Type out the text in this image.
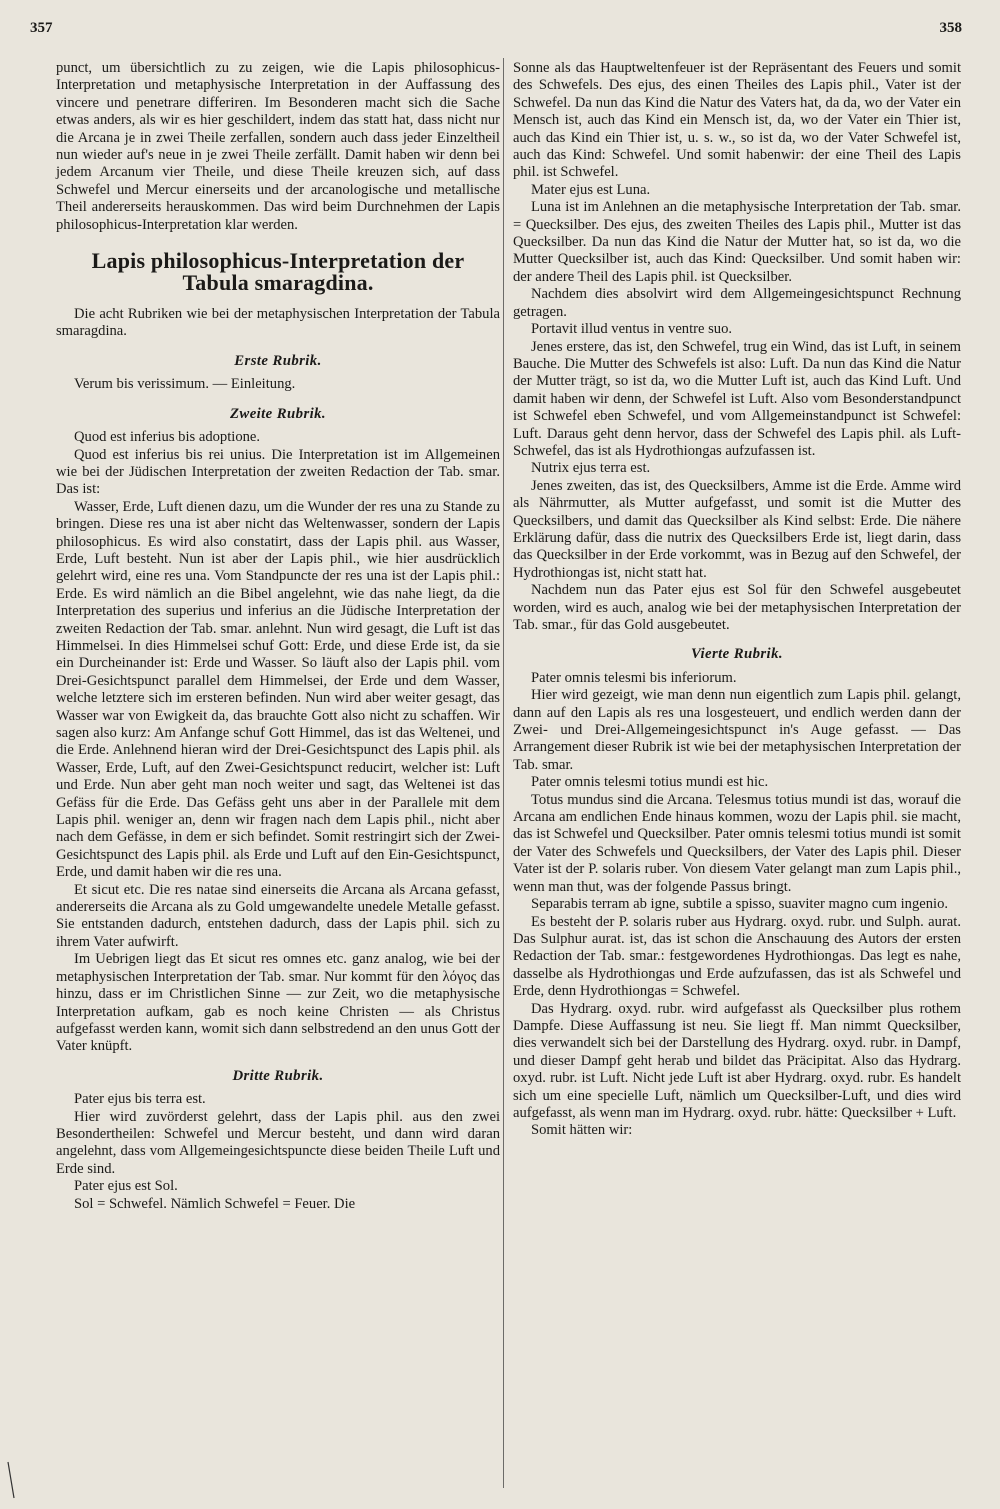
357	358

punct, um übersichtlich zu zu zeigen, wie die Lapis philosophicus-Interpretation und metaphysische Interpretation in der Auffassung des vincere und penetrare differiren. Im Besonderen macht sich die Sache etwas anders, als wir es hier geschildert, indem das statt hat, dass nicht nur die Arcana je in zwei Theile zerfallen, sondern auch dass jeder Einzeltheil nun wieder auf's neue in je zwei Theile zerfällt. Damit haben wir denn bei jedem Arcanum vier Theile, und diese Theile kreuzen sich, auf dass Schwefel und Mercur einerseits und der arcanologische und metallische Theil andererseits herauskommen. Das wird beim Durchnehmen der Lapis philosophicus-Interpretation klar werden.

Lapis philosophicus-Interpretation der Tabula smaragdina.

Die acht Rubriken wie bei der metaphysischen Interpretation der Tabula smaragdina.

Erste Rubrik.

Verum bis verissimum. — Einleitung.

Zweite Rubrik.

Quod est inferius bis adoptione.

Quod est inferius bis rei unius. Die Interpretation ist im Allgemeinen wie bei der Jüdischen Interpretation der zweiten Redaction der Tab. smar. Das ist:

Wasser, Erde, Luft dienen dazu, um die Wunder der res una zu Stande zu bringen. Diese res una ist aber nicht das Weltenwasser, sondern der Lapis philosophicus. Es wird also constatirt, dass der Lapis phil. aus Wasser, Erde, Luft besteht. Nun ist aber der Lapis phil., wie hier ausdrücklich gelehrt wird, eine res una. Vom Standpuncte der res una ist der Lapis phil.: Erde. Es wird nämlich an die Bibel angelehnt, wie das nahe liegt, da die Interpretation des superius und inferius an die Jüdische Interpretation der zweiten Redaction der Tab. smar. anlehnt. Nun wird gesagt, die Luft ist das Himmelsei. In dies Himmelsei schuf Gott: Erde, und diese Erde ist, da sie ein Durcheinander ist: Erde und Wasser. So läuft also der Lapis phil. vom Drei-Gesichtspunct parallel dem Himmelsei, der Erde und dem Wasser, welche letztere sich im ersteren befinden. Nun wird aber weiter gesagt, das Wasser war von Ewigkeit da, das brauchte Gott also nicht zu schaffen. Wir sagen also kurz: Am Anfange schuf Gott Himmel, das ist das Weltenei, und die Erde. Anlehnend hieran wird der Drei-Gesichtspunct des Lapis phil. als Wasser, Erde, Luft, auf den Zwei-Gesichtspunct reducirt, welcher ist: Luft und Erde. Nun aber geht man noch weiter und sagt, das Weltenei ist das Gefäss für die Erde. Das Gefäss geht uns aber in der Parallele mit dem Lapis phil. weniger an, denn wir fragen nach dem Lapis phil., nicht aber nach dem Gefässe, in dem er sich befindet. Somit restringirt sich der Zwei-Gesichtspunct des Lapis phil. als Erde und Luft auf den Ein-Gesichtspunct, Erde, und damit haben wir die res una.

Et sicut etc. Die res natae sind einerseits die Arcana als Arcana gefasst, andererseits die Arcana als zu Gold umgewandelte unedele Metalle gefasst. Sie entstanden dadurch, entstehen dadurch, dass der Lapis phil. sich zu ihrem Vater aufwirft.

Im Uebrigen liegt das Et sicut res omnes etc. ganz analog, wie bei der metaphysischen Interpretation der Tab. smar. Nur kommt für den λόγος das hinzu, dass er im Christlichen Sinne — zur Zeit, wo die metaphysische Interpretation aufkam, gab es noch keine Christen — als Christus aufgefasst werden kann, womit sich dann selbstredend an den unus Gott der Vater knüpft.

Dritte Rubrik.

Pater ejus bis terra est.

Hier wird zuvörderst gelehrt, dass der Lapis phil. aus den zwei Besondertheilen: Schwefel und Mercur besteht, und dann wird daran angelehnt, dass vom Allgemeingesichtspuncte diese beiden Theile Luft und Erde sind.

Pater ejus est Sol.

Sol = Schwefel. Nämlich Schwefel = Feuer. Die

Sonne als das Hauptweltenfeuer ist der Repräsentant des Feuers und somit des Schwefels. Des ejus, des einen Theiles des Lapis phil., Vater ist der Schwefel. Da nun das Kind die Natur des Vaters hat, da da, wo der Vater ein Mensch ist, auch das Kind ein Mensch ist, da, wo der Vater ein Thier ist, auch das Kind ein Thier ist, u. s. w., so ist da, wo der Vater Schwefel ist, auch das Kind: Schwefel. Und somit habenwir: der eine Theil des Lapis phil. ist Schwefel.

Mater ejus est Luna.

Luna ist im Anlehnen an die metaphysische Interpretation der Tab. smar. = Quecksilber. Des ejus, des zweiten Theiles des Lapis phil., Mutter ist das Quecksilber. Da nun das Kind die Natur der Mutter hat, so ist da, wo die Mutter Quecksilber ist, auch das Kind: Quecksilber. Und somit haben wir: der andere Theil des Lapis phil. ist Quecksilber.

Nachdem dies absolvirt wird dem Allgemeingesichtspunct Rechnung getragen.

Portavit illud ventus in ventre suo.

Jenes erstere, das ist, den Schwefel, trug ein Wind, das ist Luft, in seinem Bauche. Die Mutter des Schwefels ist also: Luft. Da nun das Kind die Natur der Mutter trägt, so ist da, wo die Mutter Luft ist, auch das Kind Luft. Und damit haben wir denn, der Schwefel ist Luft. Also vom Besonderstandpunct ist Schwefel eben Schwefel, und vom Allgemeinstandpunct ist Schwefel: Luft. Daraus geht denn hervor, dass der Schwefel des Lapis phil. als Luft-Schwefel, das ist als Hydrothiongas aufzufassen ist.

Nutrix ejus terra est.

Jenes zweiten, das ist, des Quecksilbers, Amme ist die Erde. Amme wird als Nährmutter, als Mutter aufgefasst, und somit ist die Mutter des Quecksilbers, und damit das Quecksilber als Kind selbst: Erde. Die nähere Erklärung dafür, dass die nutrix des Quecksilbers Erde ist, liegt darin, dass das Quecksilber in der Erde vorkommt, was in Bezug auf den Schwefel, der Hydrothiongas ist, nicht statt hat.

Nachdem nun das Pater ejus est Sol für den Schwefel ausgebeutet worden, wird es auch, analog wie bei der metaphysischen Interpretation der Tab. smar., für das Gold ausgebeutet.

Vierte Rubrik.

Pater omnis telesmi bis inferiorum.

Hier wird gezeigt, wie man denn nun eigentlich zum Lapis phil. gelangt, dann auf den Lapis als res una losgesteuert, und endlich werden dann der Zwei- und Drei-Allgemeingesichtspunct in's Auge gefasst. — Das Arrangement dieser Rubrik ist wie bei der metaphysischen Interpretation der Tab. smar.

Pater omnis telesmi totius mundi est hic.

Totus mundus sind die Arcana. Telesmus totius mundi ist das, worauf die Arcana am endlichen Ende hinaus kommen, wozu der Lapis phil. sie macht, das ist Schwefel und Quecksilber. Pater omnis telesmi totius mundi ist somit der Vater des Schwefels und Quecksilbers, der Vater des Lapis phil. Dieser Vater ist der P. solaris ruber. Von diesem Vater gelangt man zum Lapis phil., wenn man thut, was der folgende Passus bringt.

Separabis terram ab igne, subtile a spisso, suaviter magno cum ingenio.

Es besteht der P. solaris ruber aus Hydrarg. oxyd. rubr. und Sulph. aurat. Das Sulphur aurat. ist, das ist schon die Anschauung des Autors der ersten Redaction der Tab. smar.: festgewordenes Hydrothiongas. Das legt es nahe, dasselbe als Hydrothiongas und Erde aufzufassen, das ist als Schwefel und Erde, denn Hydrothiongas = Schwefel.

Das Hydrarg. oxyd. rubr. wird aufgefasst als Quecksilber plus rothem Dampfe. Diese Auffassung ist neu. Sie liegt ff. Man nimmt Quecksilber, dies verwandelt sich bei der Darstellung des Hydrarg. oxyd. rubr. in Dampf, und dieser Dampf geht herab und bildet das Präcipitat. Also das Hydrarg. oxyd. rubr. ist Luft. Nicht jede Luft ist aber Hydrarg. oxyd. rubr. Es handelt sich um eine specielle Luft, nämlich um Quecksilber-Luft, und dies wird aufgefasst, als wenn man im Hydrarg. oxyd. rubr. hätte: Quecksilber + Luft.

Somit hätten wir:
